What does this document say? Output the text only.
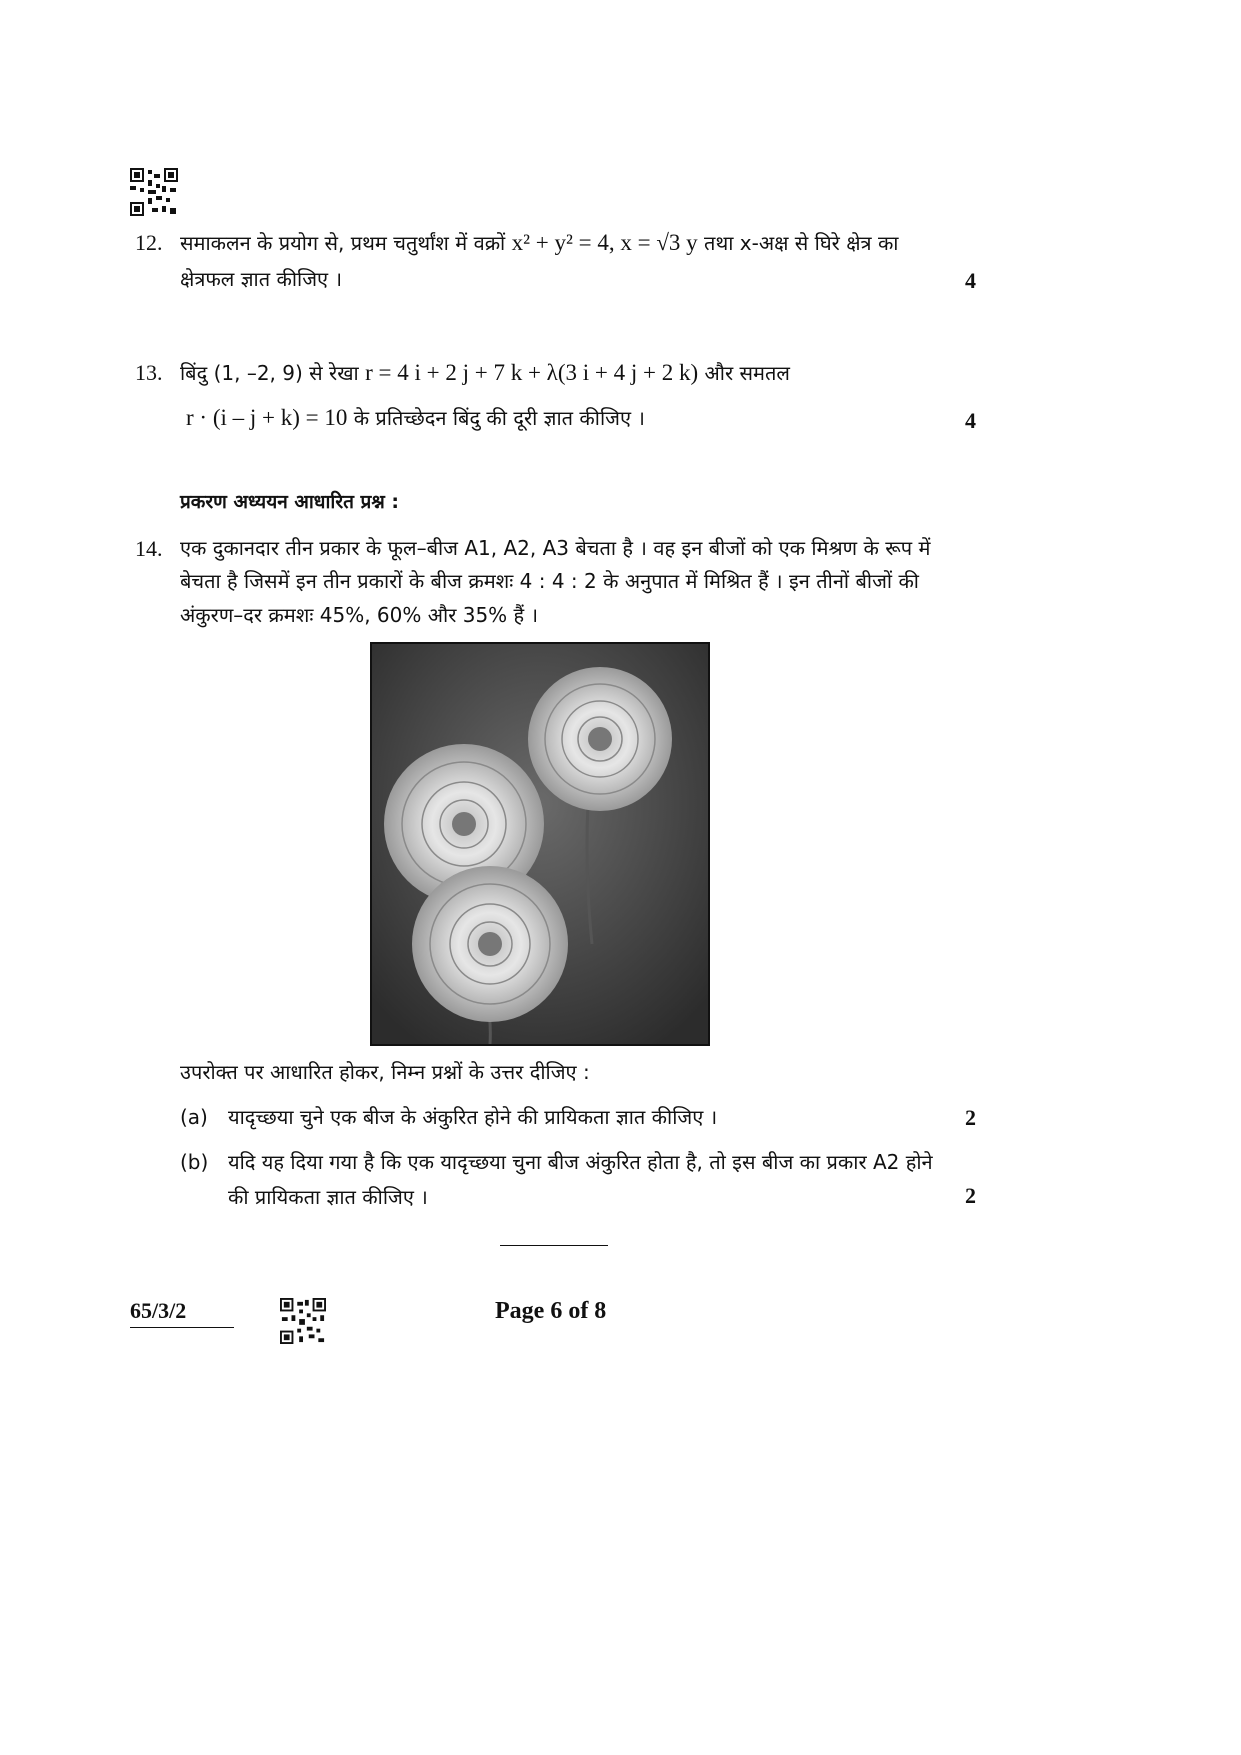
12. समाकलन के प्रयोग से, प्रथम चतुर्थांश में वक्रों x² + y² = 4, x = √3 y तथा x-अक्ष से घिरे क्षेत्र का
क्षेत्रफल ज्ञात कीजिए ।	4
13. बिंदु (1, –2, 9) से रेखा r = 4 i + 2 j + 7 k + λ(3 i + 4 j + 2 k) और समतल
r · (i – j + k) = 10 के प्रतिच्छेदन बिंदु की दूरी ज्ञात कीजिए ।	4
प्रकरण अध्ययन आधारित प्रश्न :
14. एक दुकानदार तीन प्रकार के फूल–बीज A1, A2, A3 बेचता है । वह इन बीजों को एक मिश्रण के रूप में
बेचता है जिसमें इन तीन प्रकारों के बीज क्रमशः 4 : 4 : 2 के अनुपात में मिश्रित हैं । इन तीनों बीजों की
अंकुरण–दर क्रमशः 45%, 60% और 35% हैं ।
उपरोक्त पर आधारित होकर, निम्न प्रश्नों के उत्तर दीजिए :
(a) यादृच्छया चुने एक बीज के अंकुरित होने की प्रायिकता ज्ञात कीजिए ।	2
(b) यदि यह दिया गया है कि एक यादृच्छया चुना बीज अंकुरित होता है, तो इस बीज का प्रकार A2 होने
की प्रायिकता ज्ञात कीजिए ।	2
65/3/2	Page 6 of 8
